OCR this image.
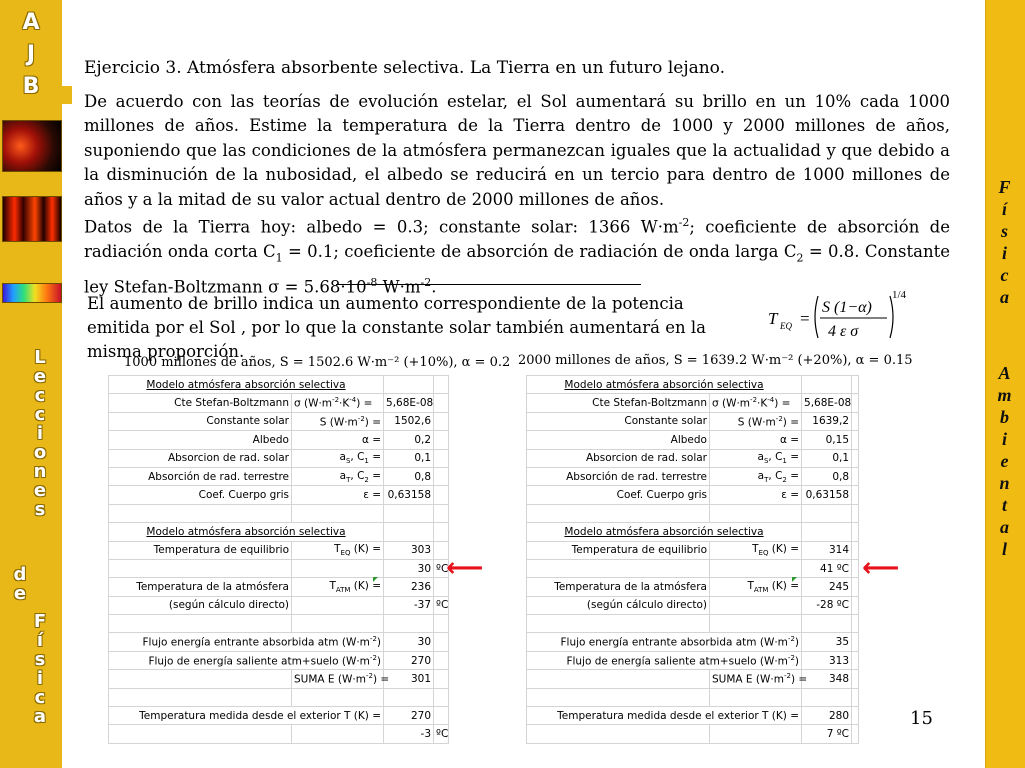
A
J
B
L
e
c
c
i
o
n
e
s
d
e
F
í
s
i
c
a
F
í
s
i
c
a
A
m
b
i
e
n
t
a
l
Ejercicio 3. Atmósfera absorbente selectiva. La Tierra en un futuro lejano.
De acuerdo con las teorías de evolución estelar, el Sol aumentará su brillo en un 10% cada 1000 millones de años. Estime la temperatura de la Tierra dentro de 1000 y 2000 millones de años, suponiendo que las condiciones de la atmósfera permanezcan iguales que la actualidad y que debido a la disminución de la nubosidad, el albedo se reducirá en un tercio para dentro de 1000 millones de años y a la mitad de su valor actual dentro de 2000 millones de años.
Datos de la Tierra hoy: albedo = 0.3; constante solar: 1366 $W\cdot m^{-2}$; coeficiente de absorción de radiación onda corta $C_1 = 0.1$; coeficiente de absorción de radiación de onda larga $C_2 = 0.8$. Constante ley Stefan-Boltzmann $\sigma = 5.68\cdot 10^{-8}$ $W\cdot m^{-2}$.
El aumento de brillo indica un aumento correspondiente de la potencia emitida por el Sol , por lo que la constante solar también aumentará en la misma proporción.
T EQ =
S (1−α)
4 ε σ
1/4
1000 millones de años, S = 1502.6 W·m⁻² (+10%), α = 0.2 2000 millones de años, S = 1639.2 W·m⁻² (+20%), α = 0.15
Modelo atmósfera absorción selectiva			
Cte Stefan-Boltzmann	σ $(W\cdot m^{-2}\cdot K^{-4})$ =	5,68E-08	
Constante solar	S $(W\cdot m^{-2})$ =	1502,6	
Albedo	α =	0,2	
Absorcion de rad. solar	$a_S$, $C_1$ =	0,1	
Absorción de rad. terrestre	$a_T$, $C_2$ =	0,8	
Coef. Cuerpo gris	ε =	0,63158	

Modelo atmósfera absorción selectiva			
Temperatura de equilibrio	$T_{EQ}$ (K) =	303	
		30	ºC
Temperatura de la atmósfera	$T_{ATM}$ (K) =	236	
(según cálculo directo)		-37	ºC

Flujo energía entrante absorbida atm $(W\cdot m^{-2})$		30	
Flujo de energía saliente atm+suelo $(W\cdot m^{-2})$		270	
	SUMA E $(W\cdot m^{-2})$ =	301	

Temperatura medida desde el exterior T (K) =		270	
		-3	ºC
Modelo atmósfera absorción selectiva			
Cte Stefan-Boltzmann	σ $(W\cdot m^{-2}\cdot K^{-4})$ =	5,68E-08	
Constante solar	S $(W\cdot m^{-2})$ =	1639,2	
Albedo	α =	0,15	
Absorcion de rad. solar	$a_S$, $C_1$ =	0,1	
Absorción de rad. terrestre	$a_T$, $C_2$ =	0,8	
Coef. Cuerpo gris	ε =	0,63158	

Modelo atmósfera absorción selectiva			
Temperatura de equilibrio	$T_{EQ}$ (K) =	314	
		41 ºC	
Temperatura de la atmósfera	$T_{ATM}$ (K) =	245	
(según cálculo directo)		-28 ºC	

Flujo energía entrante absorbida atm $(W\cdot m^{-2})$		35	
Flujo de energía saliente atm+suelo $(W\cdot m^{-2})$		313	
	SUMA E $(W\cdot m^{-2})$ =	348	

Temperatura medida desde el exterior T (K) =		280	
		7 ºC	
⟵	⟵
15
